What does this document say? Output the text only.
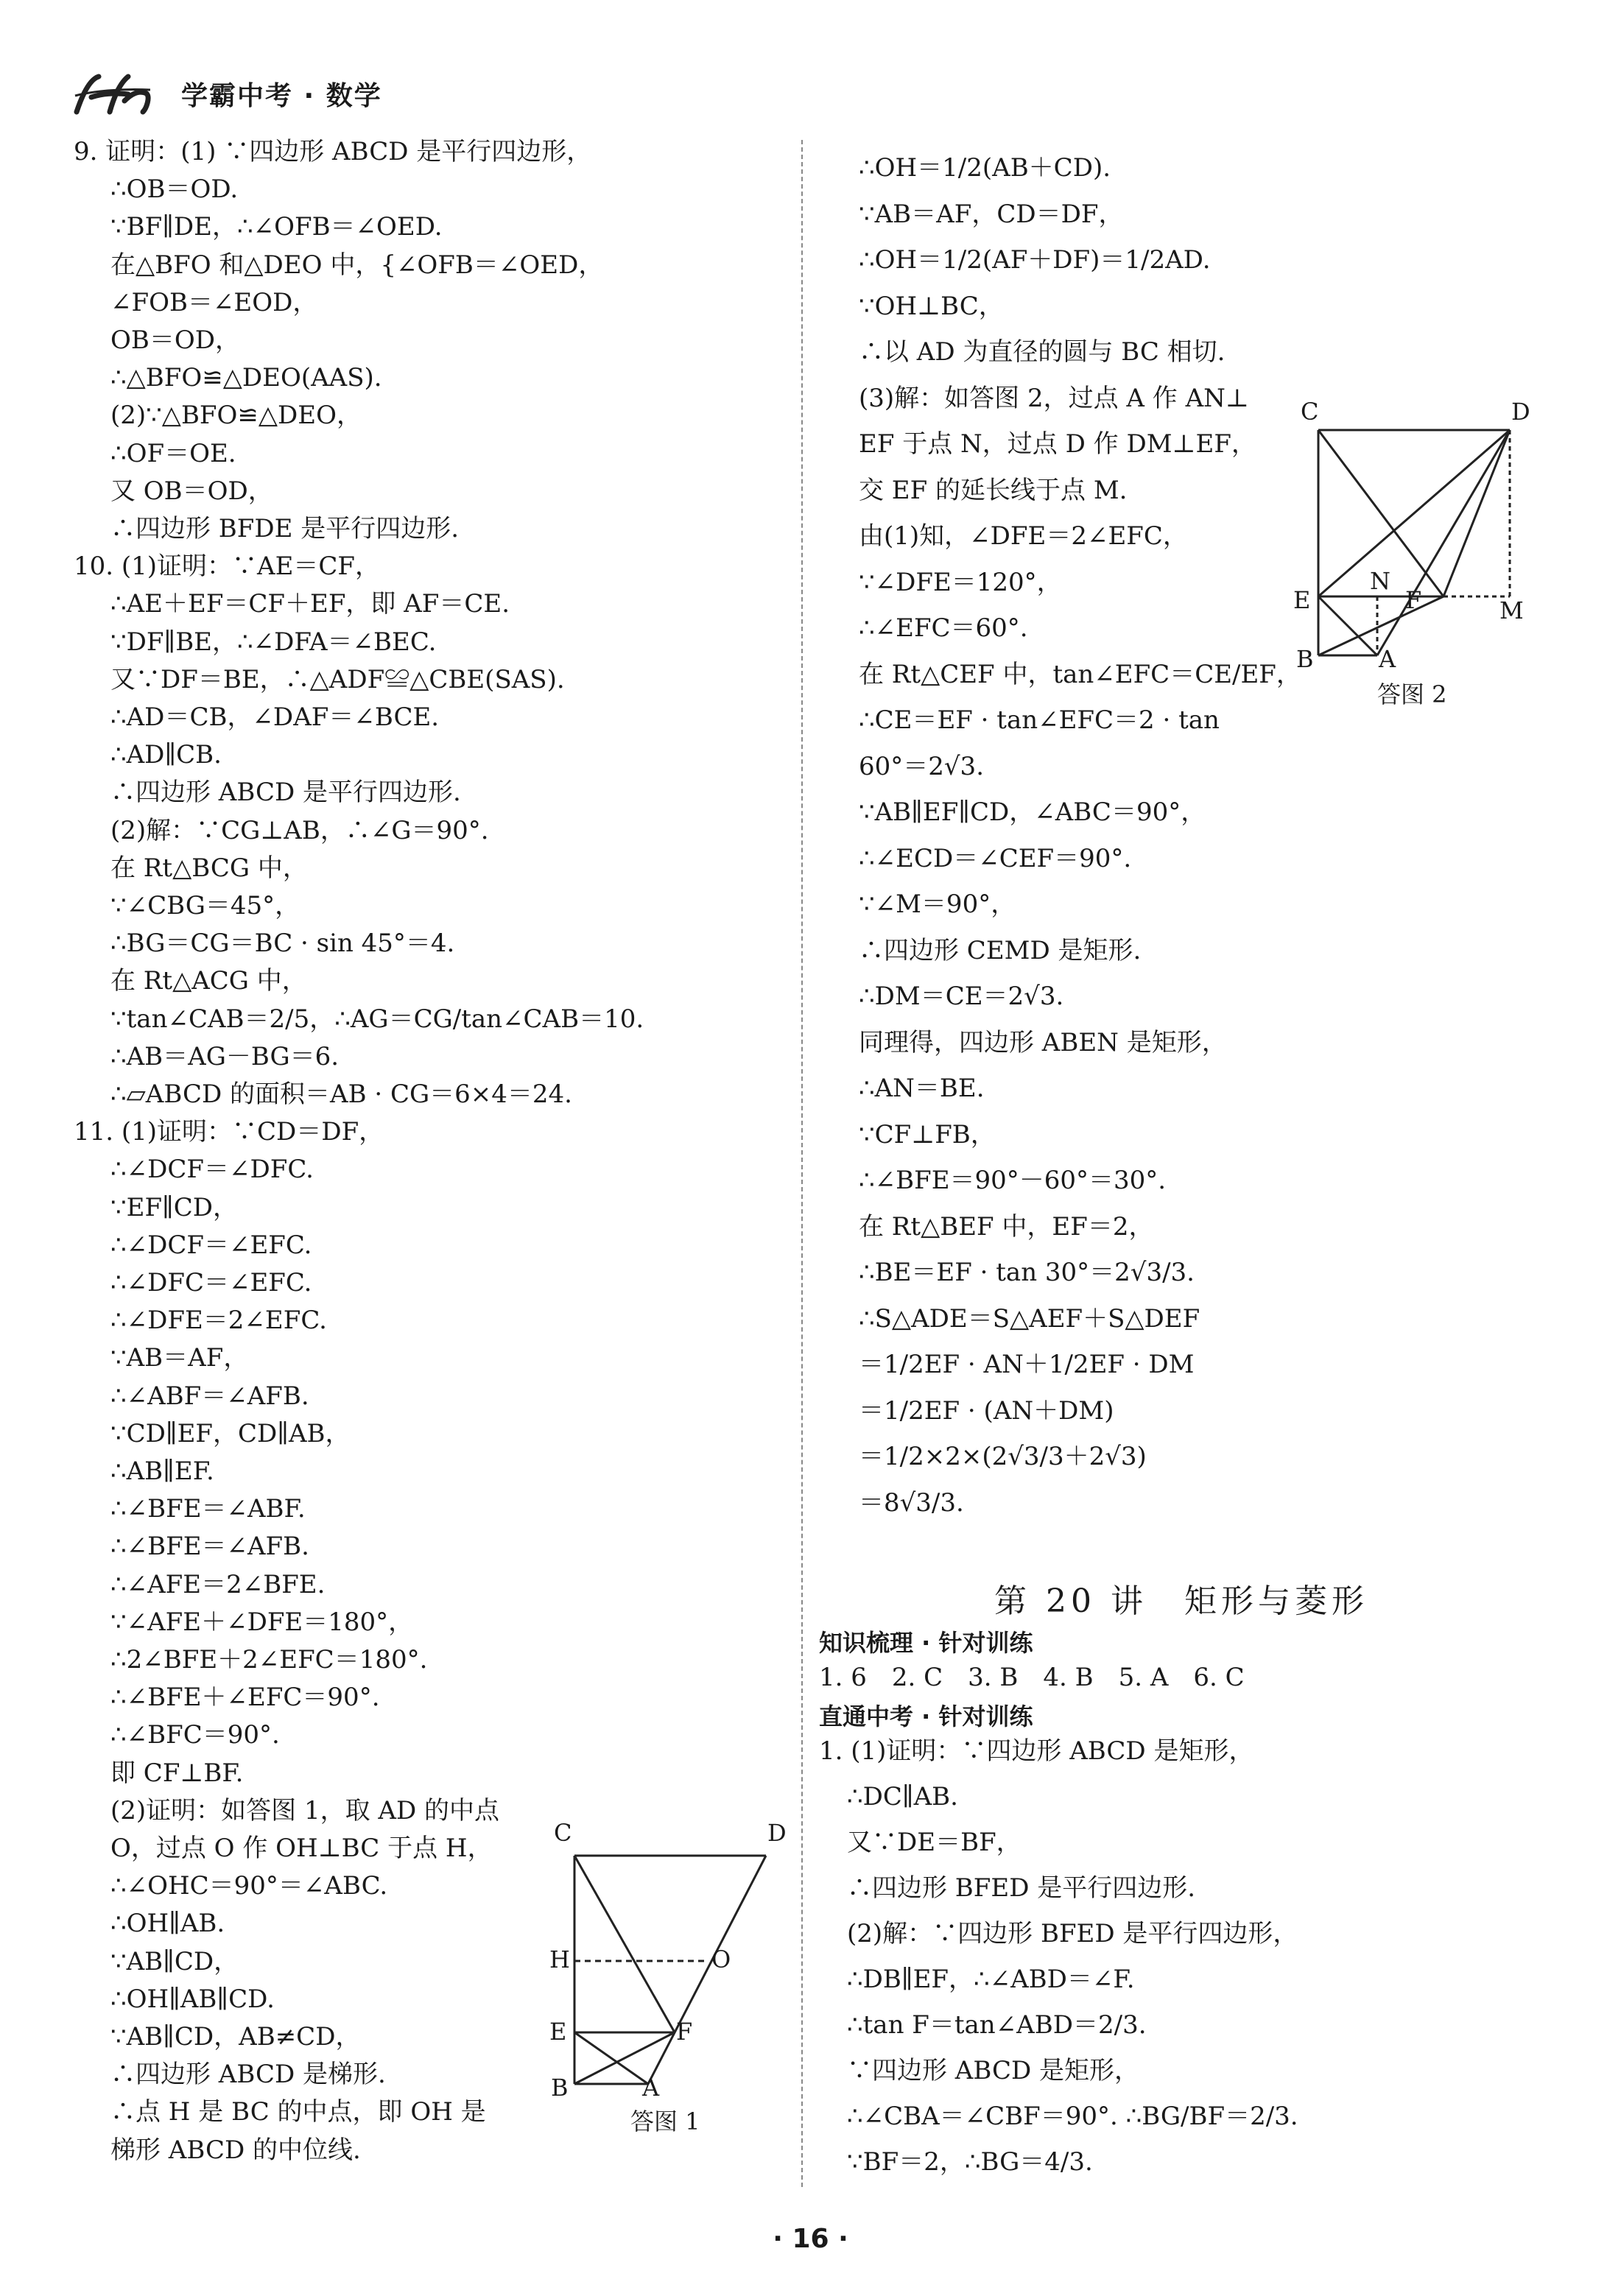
学霸中考 · 数学
9. 证明：(1) ∵四边形 ABCD 是平行四边形，
∴OB＝OD.
∵BF∥DE，∴∠OFB＝∠OED.
在△BFO 和△DEO 中，{∠OFB＝∠OED，
∠FOB＝∠EOD，
OB＝OD，
∴△BFO≌△DEO(AAS).
(2)∵△BFO≌△DEO，
∴OF＝OE.
又 OB＝OD，
∴四边形 BFDE 是平行四边形.
10. (1)证明：∵AE＝CF，
∴AE＋EF＝CF＋EF，即 AF＝CE.
∵DF∥BE，∴∠DFA＝∠BEC.
又∵DF＝BE，∴△ADF≌△CBE(SAS).
∴AD＝CB，∠DAF＝∠BCE.
∴AD∥CB.
∴四边形 ABCD 是平行四边形.
(2)解：∵CG⊥AB，∴∠G＝90°.
在 Rt△BCG 中，
∵∠CBG＝45°，
∴BG＝CG＝BC · sin 45°＝4.
在 Rt△ACG 中，
∵tan∠CAB＝2/5，∴AG＝CG/tan∠CAB＝10.
∴AB＝AG－BG＝6.
∴▱ABCD 的面积＝AB · CG＝6×4＝24.
11. (1)证明：∵CD＝DF，
∴∠DCF＝∠DFC.
∵EF∥CD，
∴∠DCF＝∠EFC.
∴∠DFC＝∠EFC.
∴∠DFE＝2∠EFC.
∵AB＝AF，
∴∠ABF＝∠AFB.
∵CD∥EF，CD∥AB，
∴AB∥EF.
∴∠BFE＝∠ABF.
∴∠BFE＝∠AFB.
∴∠AFE＝2∠BFE.
∵∠AFE＋∠DFE＝180°，
∴2∠BFE＋2∠EFC＝180°.
∴∠BFE＋∠EFC＝90°.
∴∠BFC＝90°.
即 CF⊥BF.
(2)证明：如答图 1，取 AD 的中点
O，过点 O 作 OH⊥BC 于点 H，
∴∠OHC＝90°＝∠ABC.
∴OH∥AB.
∵AB∥CD，
∴OH∥AB∥CD.
∵AB∥CD，AB≠CD，
∴四边形 ABCD 是梯形.
∴点 H 是 BC 的中点，即 OH 是
梯形 ABCD 的中位线.
∴OH＝1/2(AB＋CD).
∵AB＝AF，CD＝DF，
∴OH＝1/2(AF＋DF)＝1/2AD.
∵OH⊥BC，
∴以 AD 为直径的圆与 BC 相切.
(3)解：如答图 2，过点 A 作 AN⊥
EF 于点 N，过点 D 作 DM⊥EF，
交 EF 的延长线于点 M.
由(1)知，∠DFE＝2∠EFC，
∵∠DFE＝120°，
∴∠EFC＝60°.
在 Rt△CEF 中，tan∠EFC＝CE/EF，
∴CE＝EF · tan∠EFC＝2 · tan
60°＝2√3.
∵AB∥EF∥CD，∠ABC＝90°，
∴∠ECD＝∠CEF＝90°.
∵∠M＝90°，
∴四边形 CEMD 是矩形.
∴DM＝CE＝2√3.
同理得，四边形 ABEN 是矩形，
∴AN＝BE.
∵CF⊥FB，
∴∠BFE＝90°－60°＝30°.
在 Rt△BEF 中，EF＝2，
∴BE＝EF · tan 30°＝2√3/3.
∴S△ADE＝S△AEF＋S△DEF
＝1/2EF · AN＋1/2EF · DM
＝1/2EF · (AN＋DM)
＝1/2×2×(2√3/3＋2√3)
＝8√3/3.
第 20 讲　矩形与菱形
知识梳理 · 针对训练
1. 6　2. C　3. B　4. B　5. A　6. C
直通中考 · 针对训练
1. (1)证明：∵四边形 ABCD 是矩形，
∴DC∥AB.
又∵DE＝BF，
∴四边形 BFED 是平行四边形.
(2)解：∵四边形 BFED 是平行四边形，
∴DB∥EF，∴∠ABD＝∠F.
∴tan F＝tan∠ABD＝2/3.
∵四边形 ABCD 是矩形，
∴∠CBA＝∠CBF＝90°. ∴BG/BF＝2/3.
∵BF＝2，∴BG＝4/3.
C	D
H	O
E	F
B	A
答图 1
C	D
N
E	F	M
B	A
答图 2
· 16 ·
